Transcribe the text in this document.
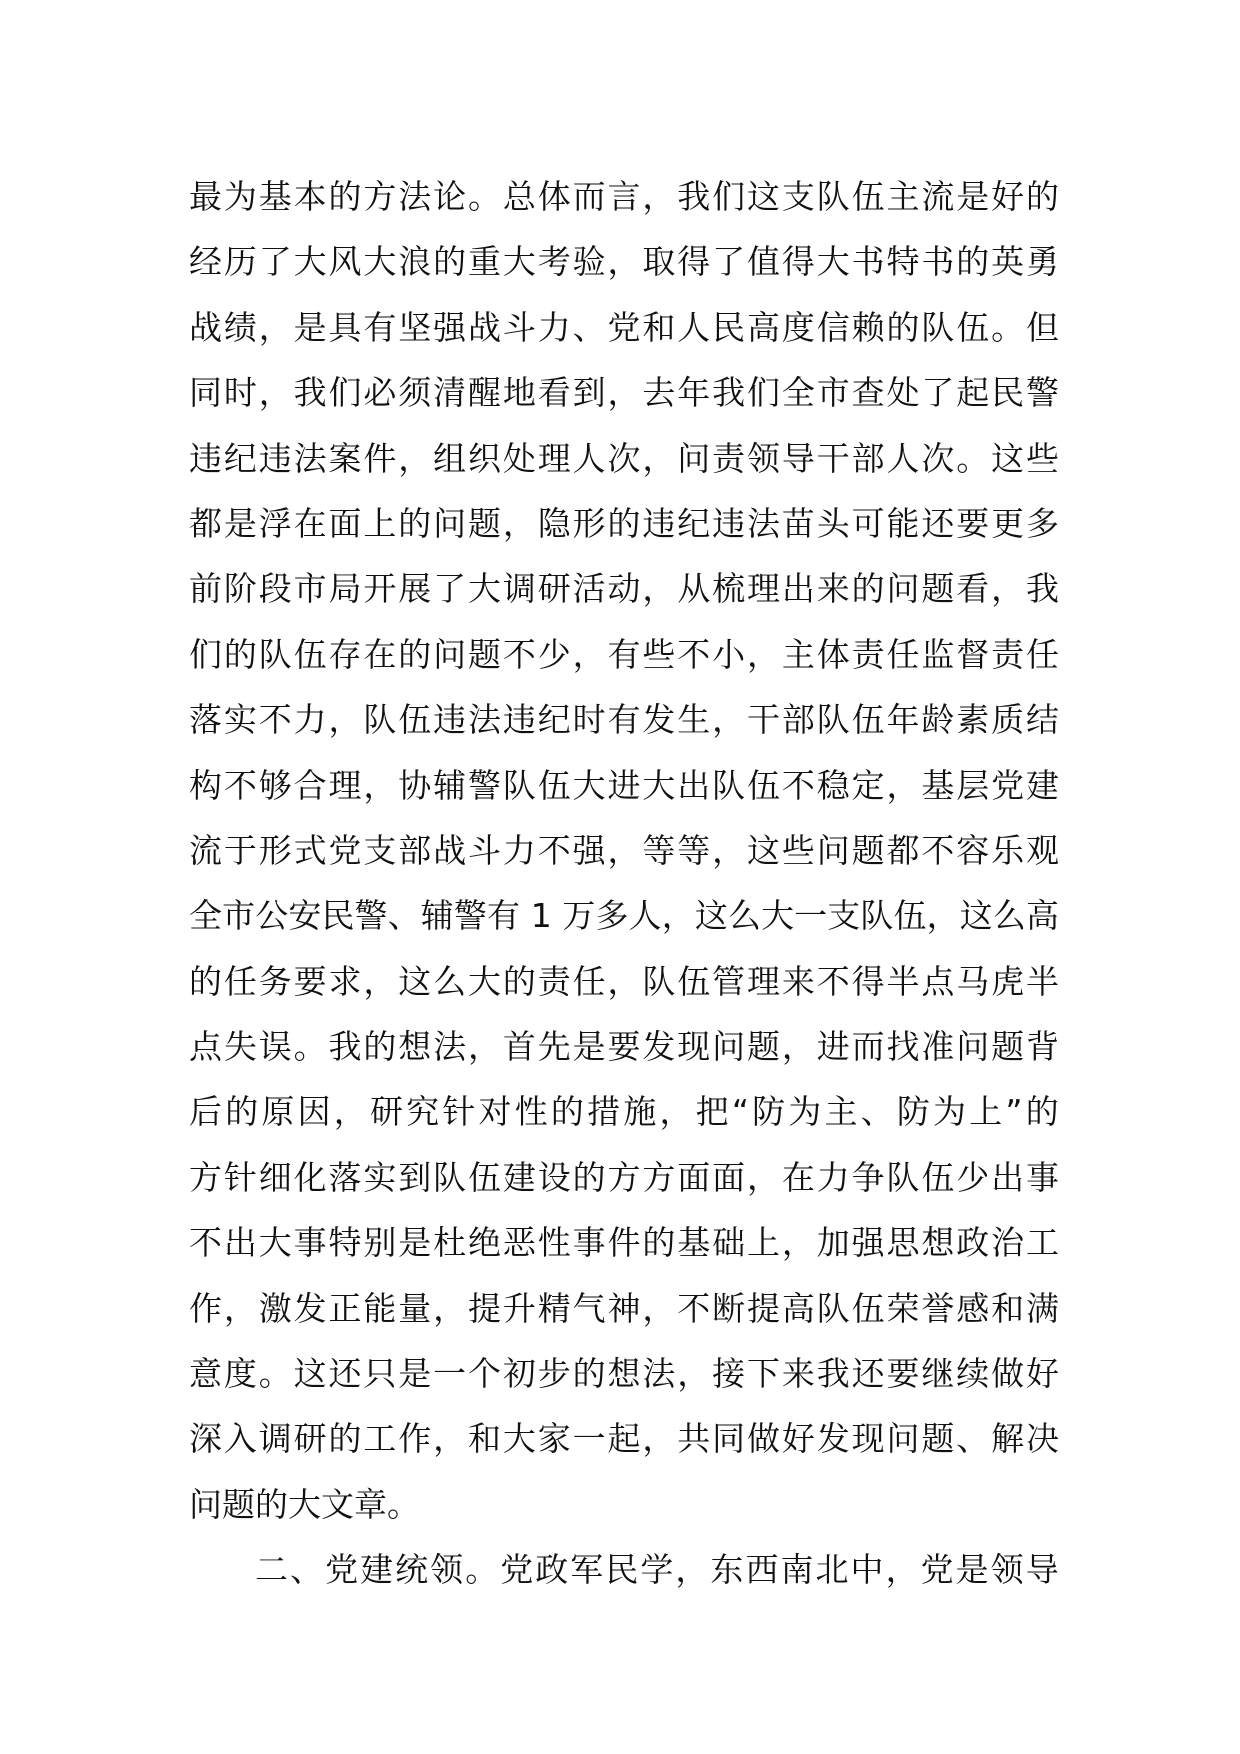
最 为 基 本 的 方 法 论 。 总 体 而 言 ， 我 们 这 支 队 伍 主 流 是 好 的
经 历 了 大 风 大 浪 的 重 大 考 验 ， 取 得 了 值 得 大 书 特 书 的 英 勇
战 绩 ， 是 具 有 坚 强 战 斗 力 、 党 和 人 民 高 度 信 赖 的 队 伍 。 但
同 时 ， 我 们 必 须 清 醒 地 看 到 ， 去 年 我 们 全 市 查 处 了 起 民 警
违 纪 违 法 案 件 ， 组 织 处 理 人 次 ， 问 责 领 导 干 部 人 次 。 这 些
都 是 浮 在 面 上 的 问 题 ， 隐 形 的 违 纪 违 法 苗 头 可 能 还 要 更 多
前 阶 段 市 局 开 展 了 大 调 研 活 动 ， 从 梳 理 出 来 的 问 题 看 ， 我
们 的 队 伍 存 在 的 问 题 不 少 ， 有 些 不 小 ， 主 体 责 任 监 督 责 任
落 实 不 力 ， 队 伍 违 法 违 纪 时 有 发 生 ， 干 部 队 伍 年 龄 素 质 结
构 不 够 合 理 ， 协 辅 警 队 伍 大 进 大 出 队 伍 不 稳 定 ， 基 层 党 建
流 于 形 式 党 支 部 战 斗 力 不 强 ， 等 等 ， 这 些 问 题 都 不 容 乐 观
全 市 公 安 民 警 、 辅 警 有
1
万 多 人 ， 这 么 大 一 支 队 伍 ， 这 么 高
的 任 务 要 求 ， 这 么 大 的 责 任 ， 队 伍 管 理 来 不 得 半 点 马 虎 半
点 失 误 。 我 的 想 法 ， 首 先 是 要 发 现 问 题 ， 进 而 找 准 问 题 背
后 的 原 因 ， 研 究 针 对 性 的 措 施 ， 把 “ 防 为 主 、 防 为 上 ” 的
方 针 细 化 落 实 到 队 伍 建 设 的 方 方 面 面 ， 在 力 争 队 伍 少 出 事
不 出 大 事 特 别 是 杜 绝 恶 性 事 件 的 基 础 上 ， 加 强 思 想 政 治 工
作 ， 激 发 正 能 量 ， 提 升 精 气 神 ， 不 断 提 高 队 伍 荣 誉 感 和 满
意 度 。 这 还 只 是 一 个 初 步 的 想 法 ， 接 下 来 我 还 要 继 续 做 好
深 入 调 研 的 工 作 ， 和 大 家 一 起 ， 共 同 做 好 发 现 问 题 、 解 决
问题的大文章。
二 、 党 建 统 领 。 党 政 军 民 学 ， 东 西 南 北 中 ， 党 是 领 导
